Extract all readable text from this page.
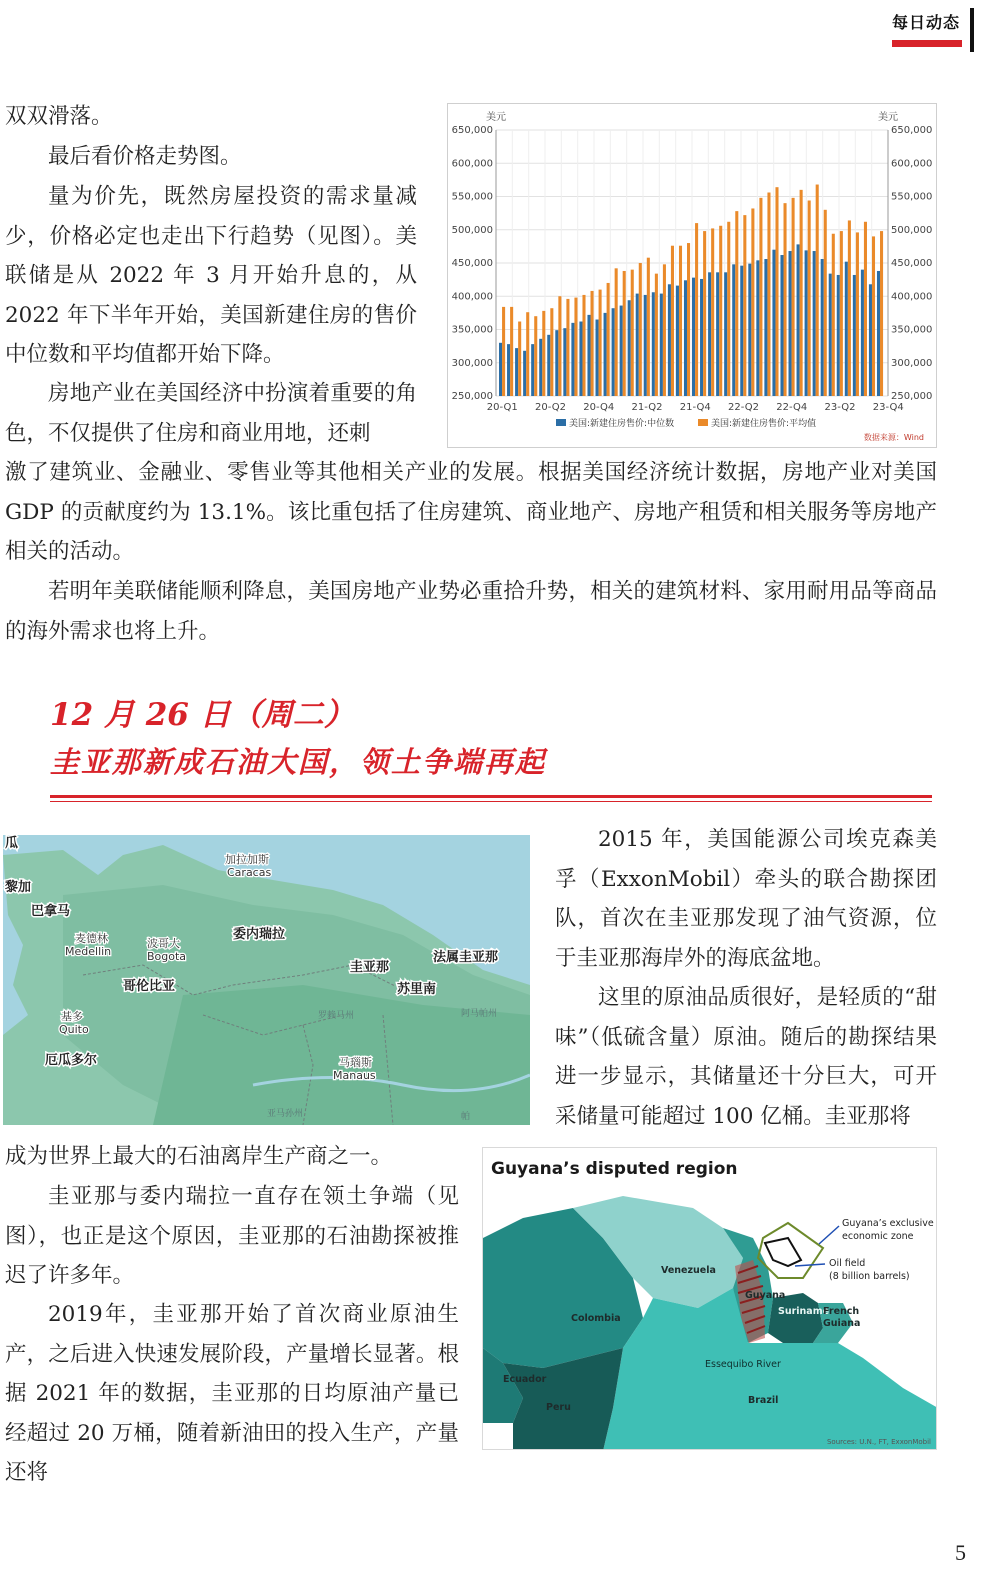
每日动态
双双滑落。
最后看价格走势图。
量为价先，既然房屋投资的需求量减少，价格必定也走出下行趋势（见图）。美联储是从 2022 年 3 月开始升息的，从 2022 年下半年开始，美国新建住房的售价中位数和平均值都开始下降。
房地产业在美国经济中扮演着重要的角色，不仅提供了住房和商业用地，还刺
美元	美元
250,000	250,000
300,000	300,000
350,000	350,000
400,000	400,000
450,000	450,000
500,000	500,000
550,000	550,000
600,000	600,000
650,000	650,000
20-Q1 20-Q2 20-Q4 21-Q2 21-Q4 22-Q2 22-Q4 23-Q2 23-Q4
美国:新建住房售价:中位数	美国:新建住房售价:平均值
数据来源：Wind
激了建筑业、金融业、零售业等其他相关产业的发展。根据美国经济统计数据，房地产业对美国 GDP 的贡献度约为 13.1%。该比重包括了住房建筑、商业地产、房地产租赁和相关服务等房地产相关的活动。
若明年美联储能顺利降息，美国房地产业势必重拾升势，相关的建筑材料、家用耐用品等商品的海外需求也将上升。
12 月 26 日（周二）
圭亚那新成石油大国，领土争端再起
瓜
加拉加斯
Caracas
黎加
巴拿马
麦德林
Medellin
波哥大
Bogota
委内瑞拉
圭亚那
法属圭亚那
哥伦比亚	苏里南
罗赖马州	阿马帕州
基多
Quito
厄瓜多尔	马瑙斯
Manaus
亚马孙州	帕
2015 年，美国能源公司埃克森美孚（ExxonMobil）牵头的联合勘探团队，首次在圭亚那发现了油气资源，位于圭亚那海岸外的海底盆地。
这里的原油品质很好，是轻质的“甜味”（低硫含量）原油。随后的勘探结果进一步显示，其储量还十分巨大，可开采储量可能超过 100 亿桶。圭亚那将
成为世界上最大的石油离岸生产商之一。
圭亚那与委内瑞拉一直存在领土争端（见图），也正是这个原因，圭亚那的石油勘探被推迟了许多年。
2019年，圭亚那开始了首次商业原油生产，之后进入快速发展阶段，产量增长显著。根据 2021 年的数据，圭亚那的日均原油产量已经超过 20 万桶，随着新油田的投入生产，产量还将
Guyana’s disputed region
Guyana’s exclusive
economic zone
Oil field
(8 billion barrels)
Venezuela
Colombia
Guyana
Suriname
French
Guiana
Essequibo River
Ecuador
Peru
Brazil
Sources: U.N., FT, ExxonMobil
5
